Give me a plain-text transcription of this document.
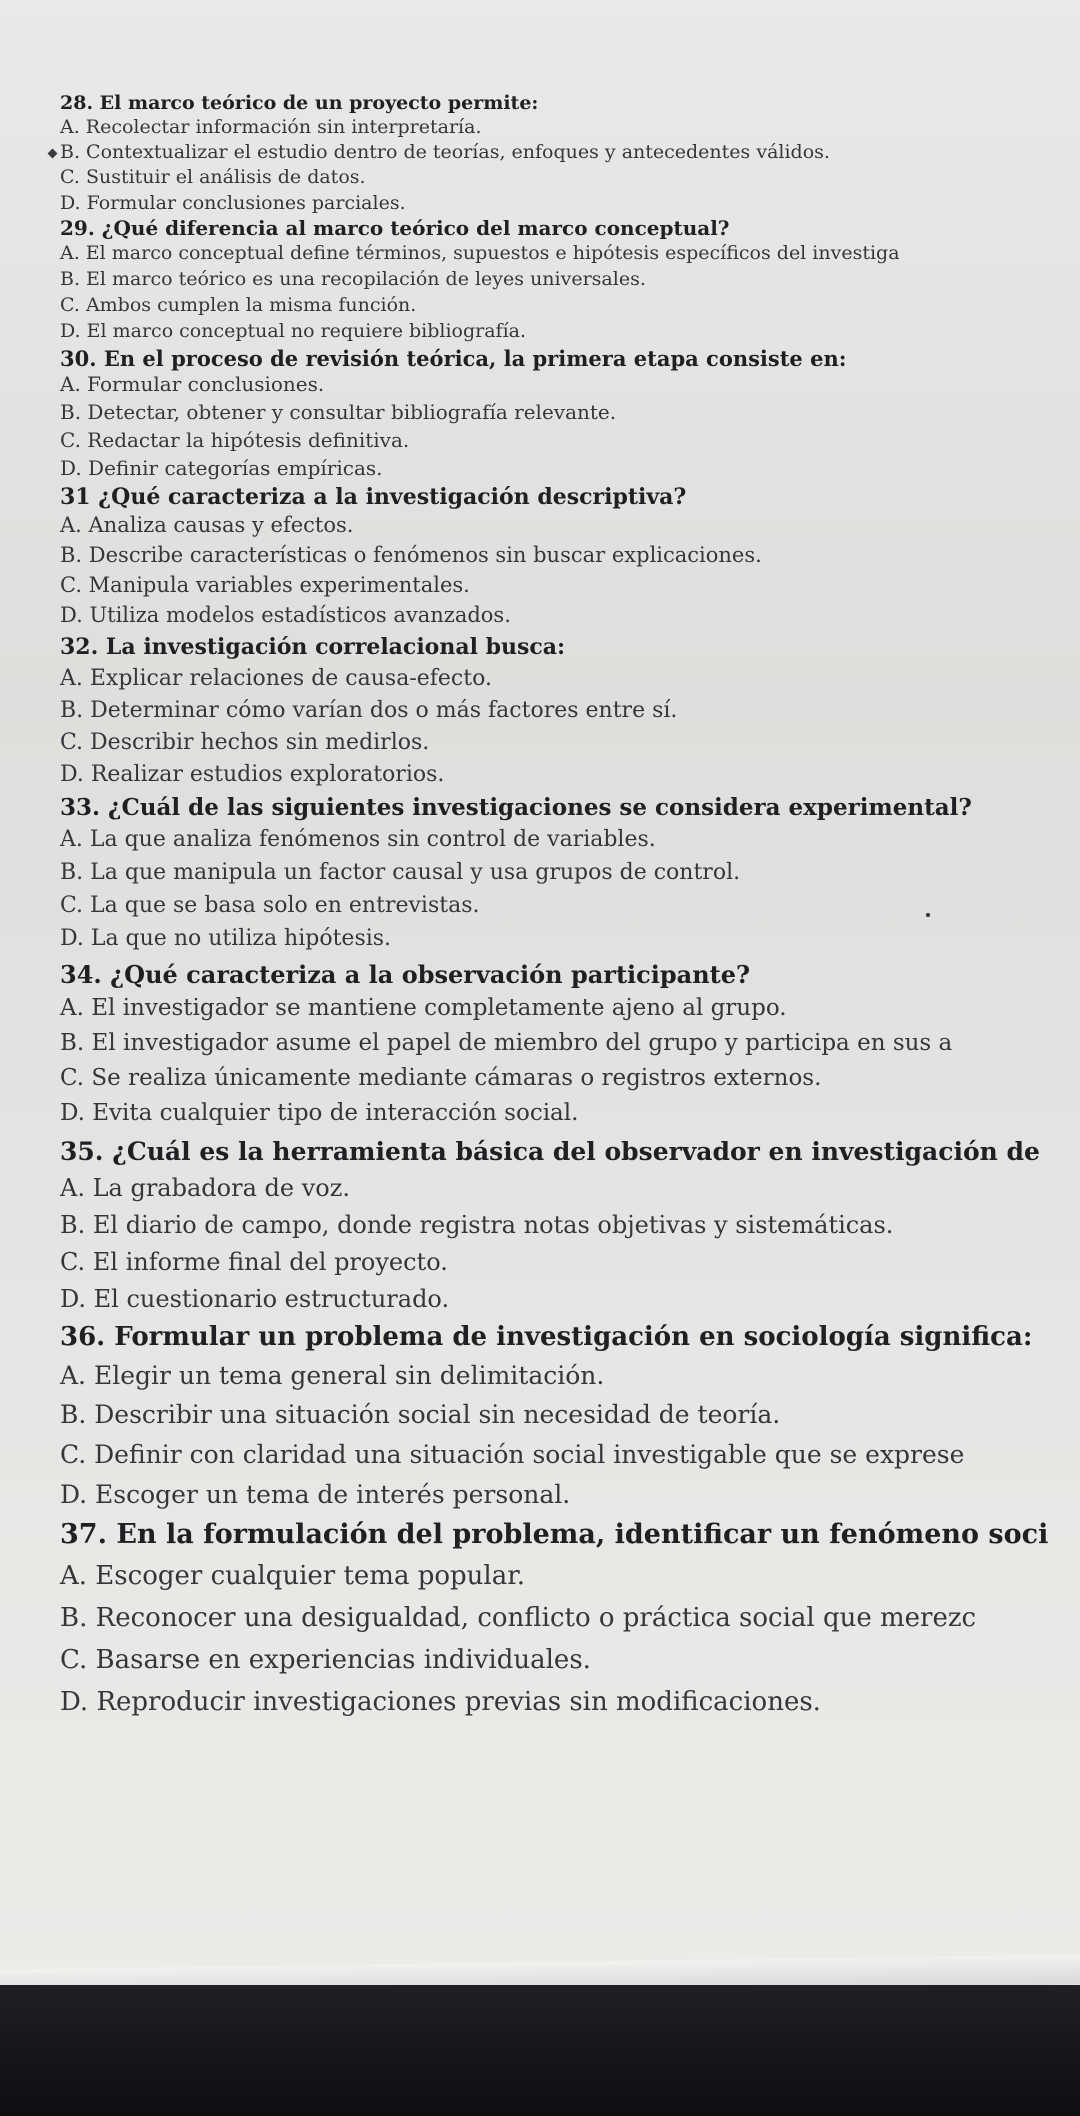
28. El marco teórico de un proyecto permite:
A. Recolectar información sin interpretaría.
B. Contextualizar el estudio dentro de teorías, enfoques y antecedentes válidos.
C. Sustituir el análisis de datos.
D. Formular conclusiones parciales.
29. ¿Qué diferencia al marco teórico del marco conceptual?
A. El marco conceptual define términos, supuestos e hipótesis específicos del investiga
B. El marco teórico es una recopilación de leyes universales.
C. Ambos cumplen la misma función.
D. El marco conceptual no requiere bibliografía.
30. En el proceso de revisión teórica, la primera etapa consiste en:
A. Formular conclusiones.
B. Detectar, obtener y consultar bibliografía relevante.
C. Redactar la hipótesis definitiva.
D. Definir categorías empíricas.
31 ¿Qué caracteriza a la investigación descriptiva?
A. Analiza causas y efectos.
B. Describe características o fenómenos sin buscar explicaciones.
C. Manipula variables experimentales.
D. Utiliza modelos estadísticos avanzados.
32. La investigación correlacional busca:
A. Explicar relaciones de causa-efecto.
B. Determinar cómo varían dos o más factores entre sí.
C. Describir hechos sin medirlos.
D. Realizar estudios exploratorios.
33. ¿Cuál de las siguientes investigaciones se considera experimental?
A. La que analiza fenómenos sin control de variables.
B. La que manipula un factor causal y usa grupos de control.
C. La que se basa solo en entrevistas.
D. La que no utiliza hipótesis.
34. ¿Qué caracteriza a la observación participante?
A. El investigador se mantiene completamente ajeno al grupo.
B. El investigador asume el papel de miembro del grupo y participa en sus a
C. Se realiza únicamente mediante cámaras o registros externos.
D. Evita cualquier tipo de interacción social.
35. ¿Cuál es la herramienta básica del observador en investigación de
A. La grabadora de voz.
B. El diario de campo, donde registra notas objetivas y sistemáticas.
C. El informe final del proyecto.
D. El cuestionario estructurado.
36. Formular un problema de investigación en sociología significa:
A. Elegir un tema general sin delimitación.
B. Describir una situación social sin necesidad de teoría.
C. Definir con claridad una situación social investigable que se exprese
D. Escoger un tema de interés personal.
37. En la formulación del problema, identificar un fenómeno soci
A. Escoger cualquier tema popular.
B. Reconocer una desigualdad, conflicto o práctica social que merezc
C. Basarse en experiencias individuales.
D. Reproducir investigaciones previas sin modificaciones.
